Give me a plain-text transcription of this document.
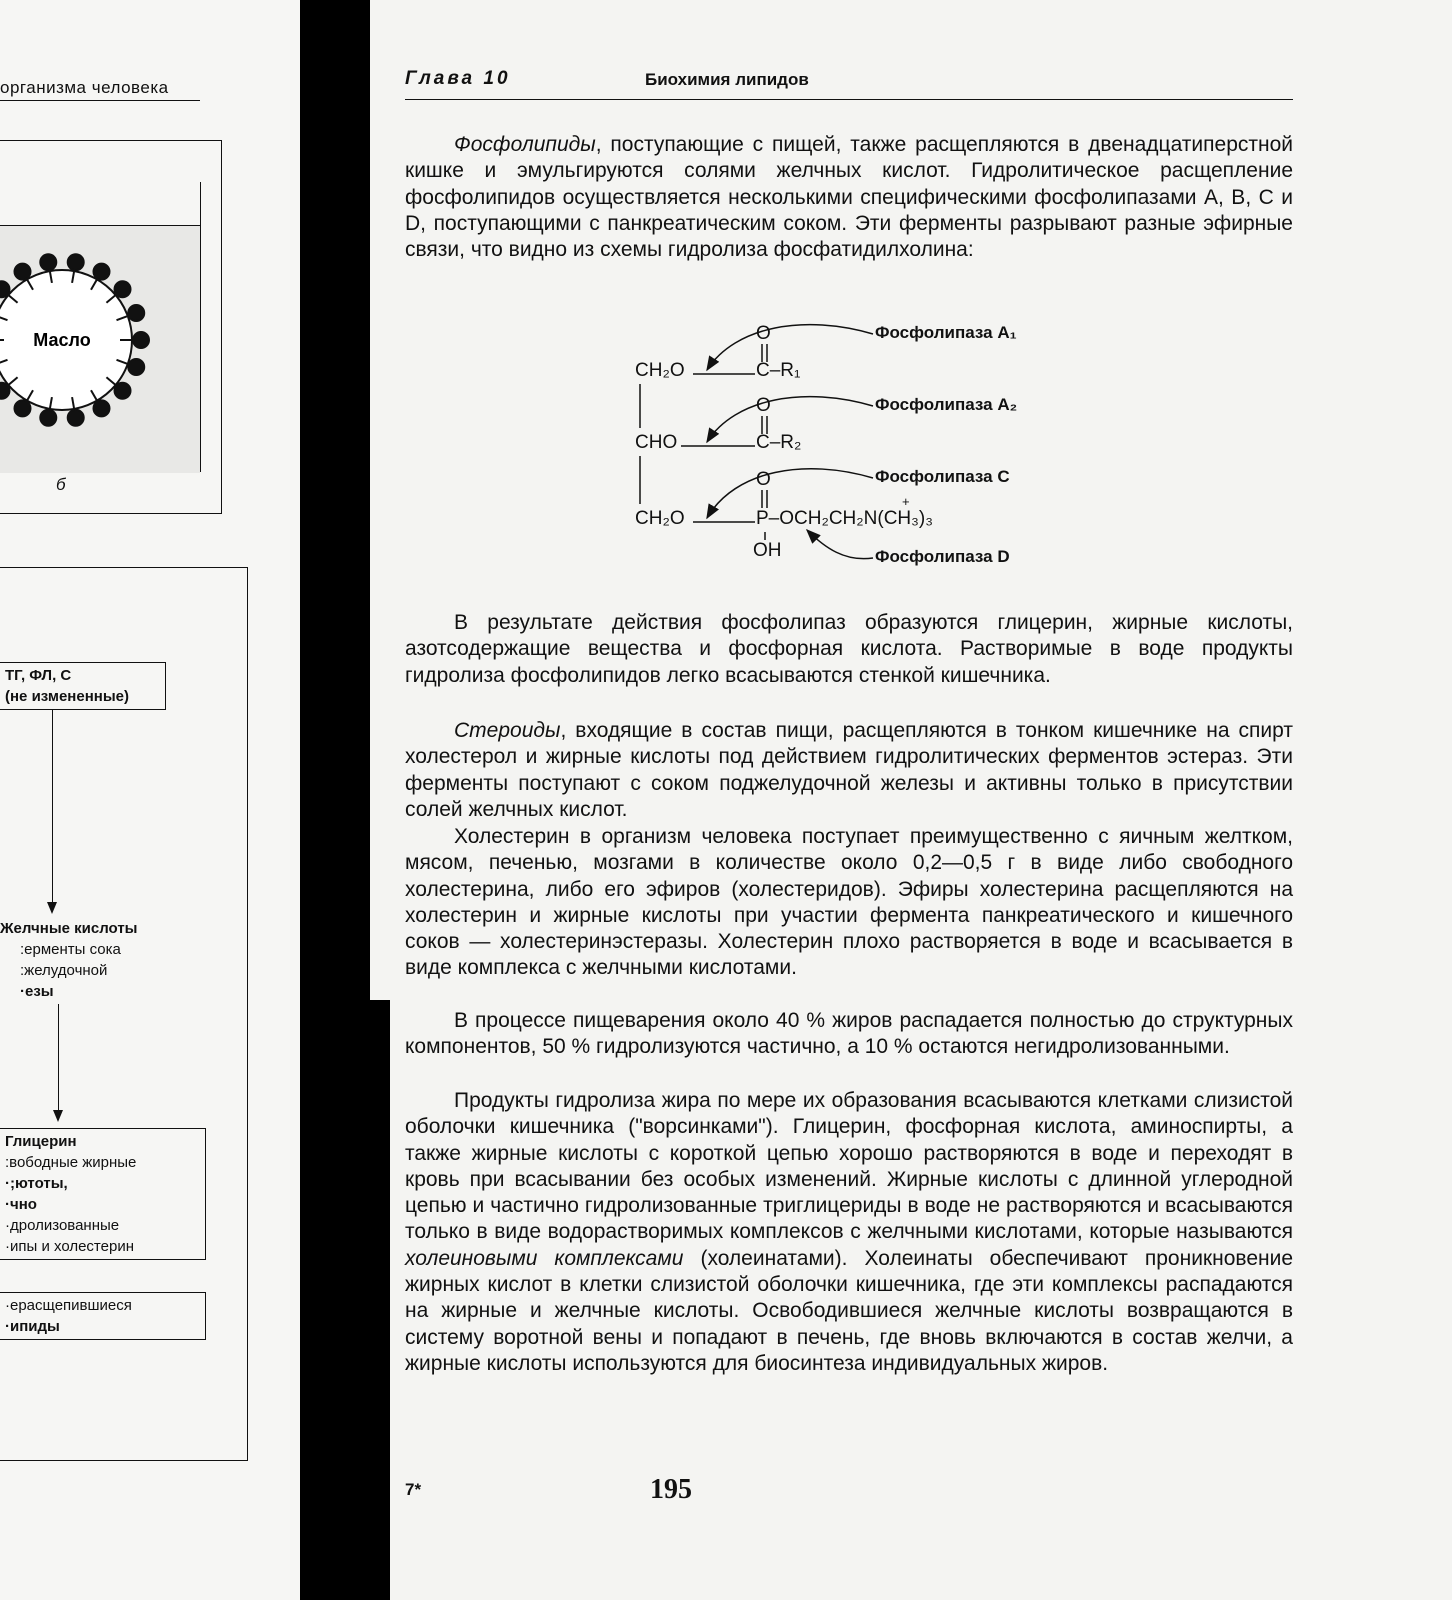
организма человека
Масло
б
ТГ, ФЛ, С
(не измененные)
Желчные кислоты
:ерменты сока
:желудочной
·езы
Глицерин
:вободные жирные
·;ютоты,
·чно
·дролизованные
·ипы и холестерин
·ерасщепившиеся
·ипиды
Глава 10	Биохимия липидов

Фосфолипиды, поступающие с пищей, также расщепляются в двенадцатиперстной кишке и эмульгируются солями желчных кислот. Гидролитическое расщепление фосфолипидов осуществляется несколькими специфическими фосфолипазами А, В, С и D, поступающими с панкреатическим соком. Эти ферменты разрывают разные эфирные связи, что видно из схемы гидролиза фосфатидилхолина:

Фосфолипаза A₁
Фосфолипаза A₂
Фосфолипаза C
Фосфолипаза D
O
CH₂O	C–R₁
O
CHO	C–R₂
O
CH₂O	P–OCH₂CH₂N(CH₃)₃
+
OH

В результате действия фосфолипаз образуются глицерин, жирные кислоты, азотсодержащие вещества и фосфорная кислота. Растворимые в воде продукты гидролиза фосфолипидов легко всасываются стенкой кишечника.

Стероиды, входящие в состав пищи, расщепляются в тонком кишечнике на спирт холестерол и жирные кислоты под действием гидролитических ферментов эстераз. Эти ферменты поступают с соком поджелудочной железы и активны только в присутствии солей желчных кислот.

Холестерин в организм человека поступает преимущественно с яичным желтком, мясом, печенью, мозгами в количестве около 0,2—0,5 г в виде либо свободного холестерина, либо его эфиров (холестеридов). Эфиры холестерина расщепляются на холестерин и жирные кислоты при участии фермента панкреатического и кишечного соков — холестеринэстеразы. Холестерин плохо растворяется в воде и всасывается в виде комплекса с желчными кислотами.

В процессе пищеварения около 40 % жиров распадается полностью до структурных компонентов, 50 % гидролизуются частично, а 10 % остаются негидролизованными.

Продукты гидролиза жира по мере их образования всасываются клетками слизистой оболочки кишечника ("ворсинками"). Глицерин, фосфорная кислота, аминоспирты, а также жирные кислоты с короткой цепью хорошо растворяются в воде и переходят в кровь при всасывании без особых изменений. Жирные кислоты с длинной углеродной цепью и частично гидролизованные триглицериды в воде не растворяются и всасываются только в виде водорастворимых комплексов с желчными кислотами, которые называются холеиновыми комплексами (холеинатами). Холеинаты обеспечивают проникновение жирных кислот в клетки слизистой оболочки кишечника, где эти комплексы распадаются на жирные и желчные кислоты. Освободившиеся желчные кислоты возвращаются в систему воротной вены и попадают в печень, где вновь включаются в состав желчи, а жирные кислоты используются для биосинтеза индивидуальных жиров.

7*	195
